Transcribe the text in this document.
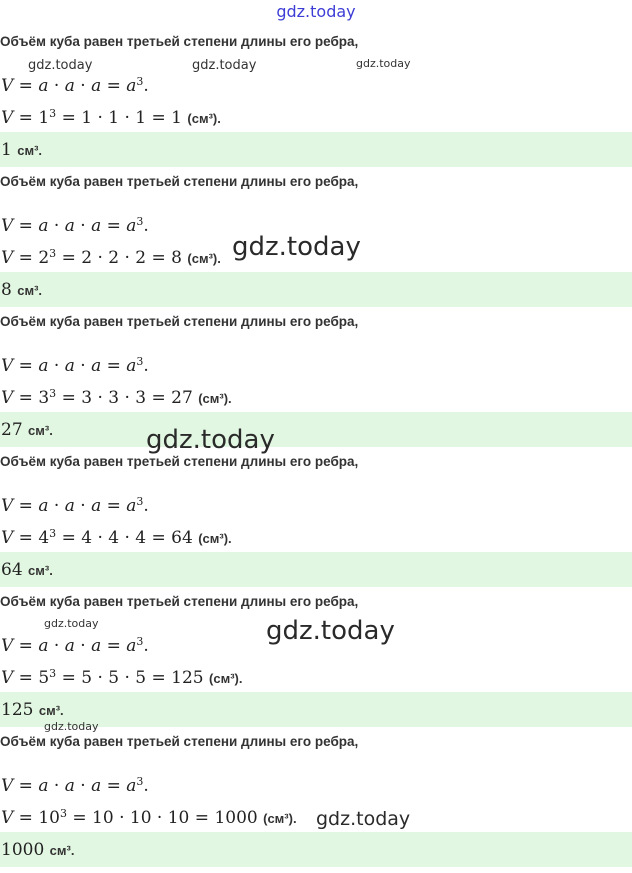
gdz.today
Объём куба равен третьей степени длины его ребра,
$V = a \cdot a \cdot a = a^3$.
$V = 1^3 = 1 \cdot 1 \cdot 1 = 1$ (см³).
1 см³.
Объём куба равен третьей степени длины его ребра,
$V = a \cdot a \cdot a = a^3$.
$V = 2^3 = 2 \cdot 2 \cdot 2 = 8$ (см³).
8 см³.
Объём куба равен третьей степени длины его ребра,
$V = a \cdot a \cdot a = a^3$.
$V = 3^3 = 3 \cdot 3 \cdot 3 = 27$ (см³).
27 см³.
Объём куба равен третьей степени длины его ребра,
$V = a \cdot a \cdot a = a^3$.
$V = 4^3 = 4 \cdot 4 \cdot 4 = 64$ (см³).
64 см³.
Объём куба равен третьей степени длины его ребра,
$V = a \cdot a \cdot a = a^3$.
$V = 5^3 = 5 \cdot 5 \cdot 5 = 125$ (см³).
125 см³.
Объём куба равен третьей степени длины его ребра,
$V = a \cdot a \cdot a = a^3$.
$V = 10^3 = 10 \cdot 10 \cdot 10 = 1000$ (см³).
1000 см³.
gdz.today	gdz.today	gdz.today
gdz.today
gdz.today
gdz.today	gdz.today
gdz.today
gdz.today
